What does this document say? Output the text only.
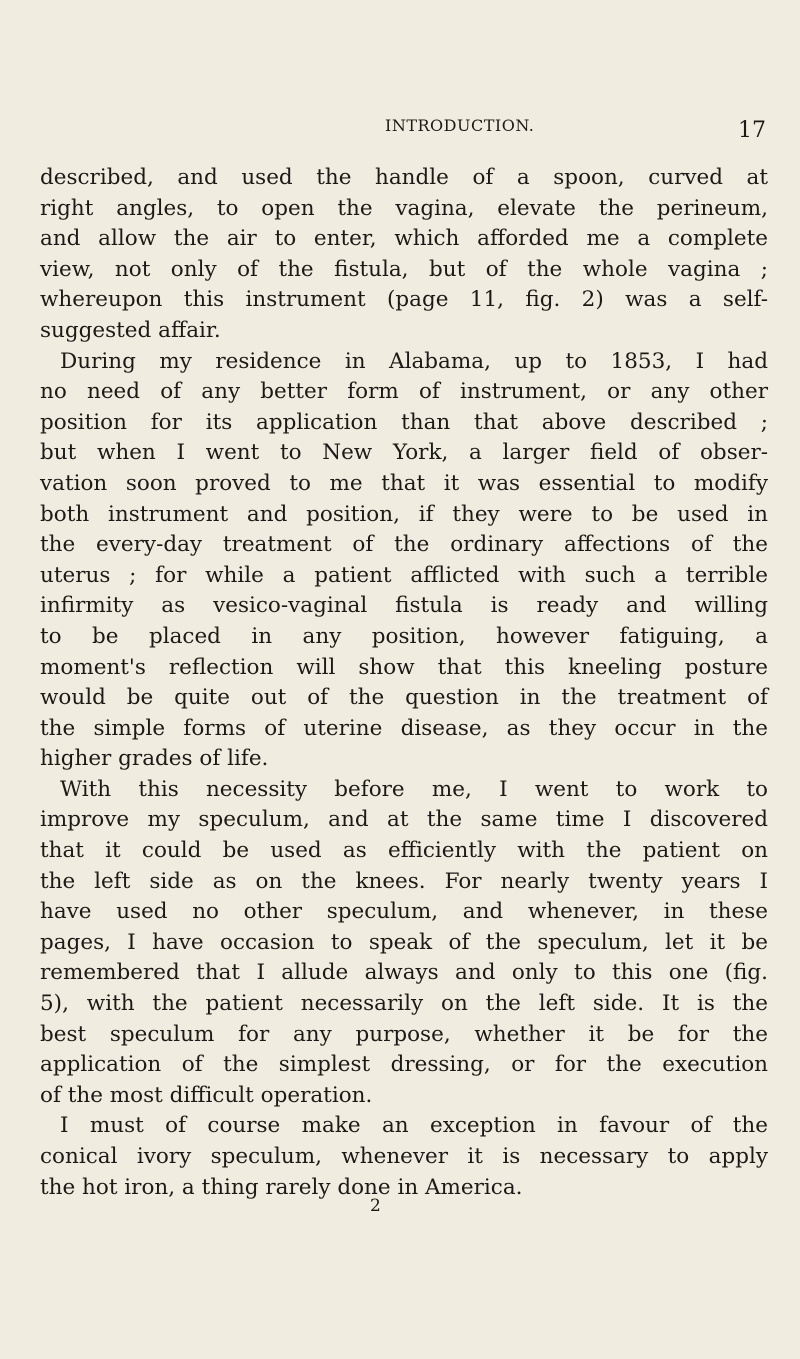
INTRODUCTION.	17
described, and used the handle of a spoon, curved at
right angles, to open the vagina, elevate the perineum,
and allow the air to enter, which afforded me a complete
view, not only of the fistula, but of the whole vagina ;
whereupon this instrument (page 11, fig. 2) was a self-
suggested affair.
During my residence in Alabama, up to 1853, I had
no need of any better form of instrument, or any other
position for its application than that above described ;
but when I went to New York, a larger field of obser-
vation soon proved to me that it was essential to modify
both instrument and position, if they were to be used in
the every-day treatment of the ordinary affections of the
uterus ; for while a patient afflicted with such a terrible
infirmity as vesico-vaginal fistula is ready and willing
to be placed in any position, however fatiguing, a
moment's reflection will show that this kneeling posture
would be quite out of the question in the treatment of
the simple forms of uterine disease, as they occur in the
higher grades of life.
With this necessity before me, I went to work to
improve my speculum, and at the same time I discovered
that it could be used as efficiently with the patient on
the left side as on the knees. For nearly twenty years I
have used no other speculum, and whenever, in these
pages, I have occasion to speak of the speculum, let it be
remembered that I allude always and only to this one (fig.
5), with the patient necessarily on the left side. It is the
best speculum for any purpose, whether it be for the
application of the simplest dressing, or for the execution
of the most difficult operation.
I must of course make an exception in favour of the
conical ivory speculum, whenever it is necessary to apply
the hot iron, a thing rarely done in America.
2
